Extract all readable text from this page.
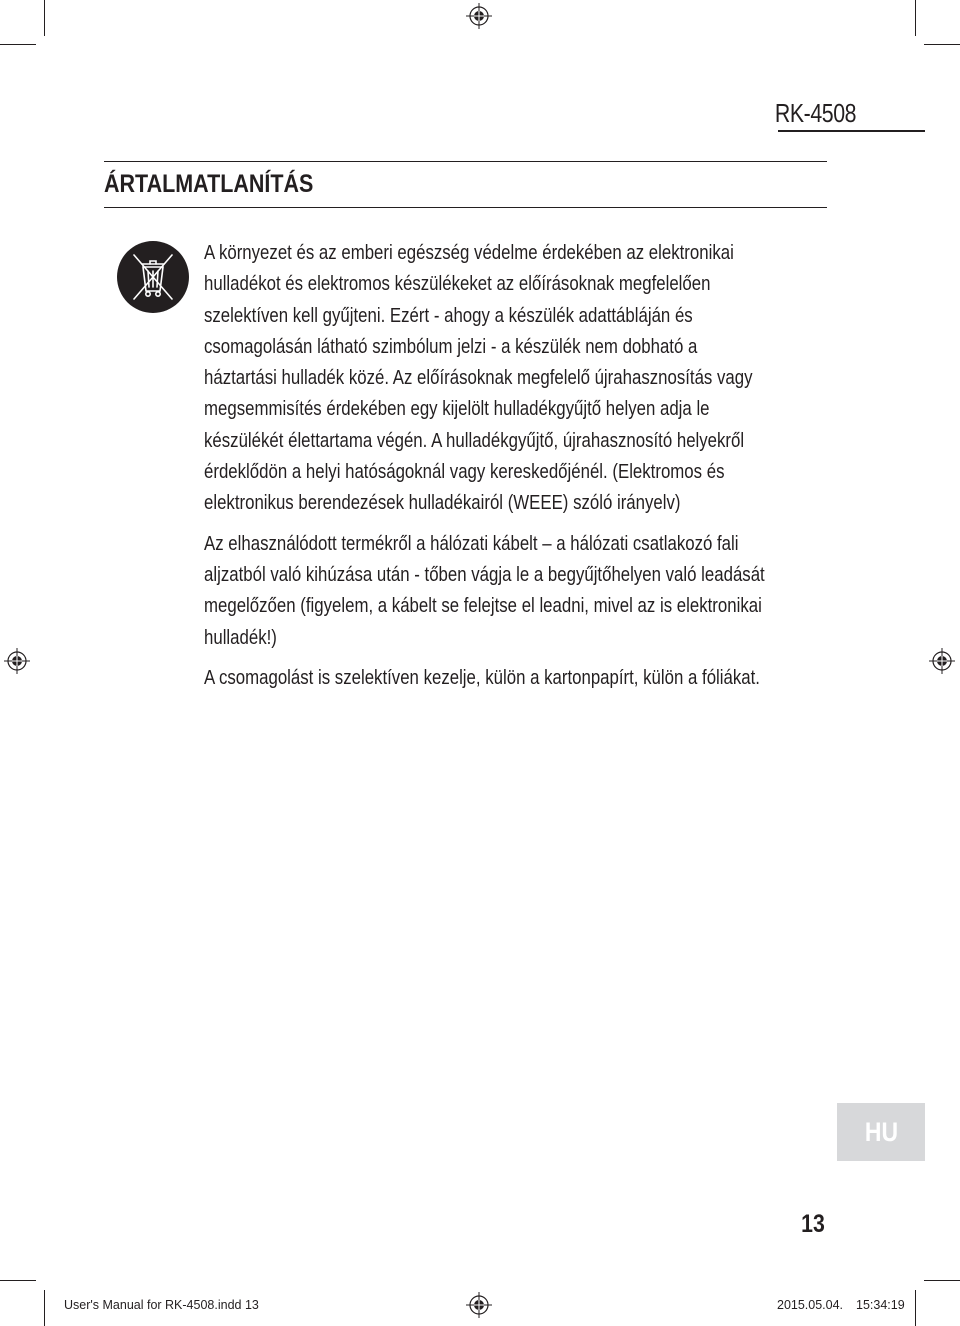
RK-4508
ÁRTALMATLANÍTÁS

A környezet és az emberi egészség védelme érdekében az elektronikai

hulladékot és elektromos készülékeket az előírásoknak megfelelően

szelektíven kell gyűjteni. Ezért - ahogy a készülék adattábláján és

csomagolásán látható szimbólum jelzi - a készülék nem dobható a

háztartási hulladék közé. Az előírásoknak megfelelő újrahasznosítás vagy

megsemmisítés érdekében egy kijelölt hulladékgyűjtő helyen adja le

készülékét élettartama végén. A hulladékgyűjtő, újrahasznosító helyekről

érdeklődön a helyi hatóságoknál vagy kereskedőjénél. (Elektromos és

elektronikus berendezések hulladékairól (WEEE) szóló irányelv)

Az elhasználódott termékről a hálózati kábelt – a hálózati csatlakozó fali

aljzatból való kihúzása után - tőben vágja le a begyűjtőhelyen való leadását

megelőzően (figyelem, a kábelt se felejtse el leadni, mivel az is elektronikai

hulladék!)

A csomagolást is szelektíven kezelje, külön a kartonpapírt, külön a fóliákat.

HU
13
User's Manual for RK-4508.indd 13	2015.05.04. 15:34:19
